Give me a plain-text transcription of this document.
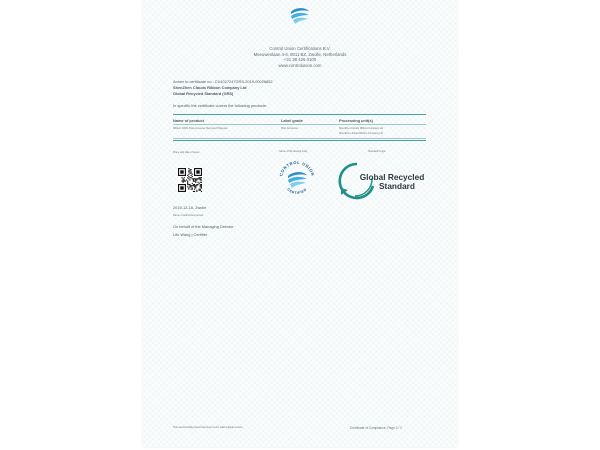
Control Union Certifications B.V.
Meeuwenlaan 4-6, 8011 BZ, Zwolle, Netherlands
+31 38 426 0100
www.controlunion.com
Annex to certificate no.: CU1027247GRS-2019-00026852
ShenZhen Clouds Ribbon Company Ltd
Global Recycled Standard (GRS)
In specific the certificate covers the following products:
Name of product	Label grade	Processing unit(s)
Ribbon 100% Post-consumer Recycled Polyester	Post-Consumer	ShenZhen Clouds Ribbon Company Ltd
ShenZhen Jinhao Ribbon Company Ltd
Place and date of issue:	Name of the issuing body:	Standard's logo:
2019-12-18, Zwolle
Name of authorized person:
On behalf of the Managing Director
Lifu Wang | Certifier
CONTROL UNION
CERTIFIED
Global Recycled
Standard
This electronically issued document is the valid original version.	Certificate of Compliance, Page 2 / 2
